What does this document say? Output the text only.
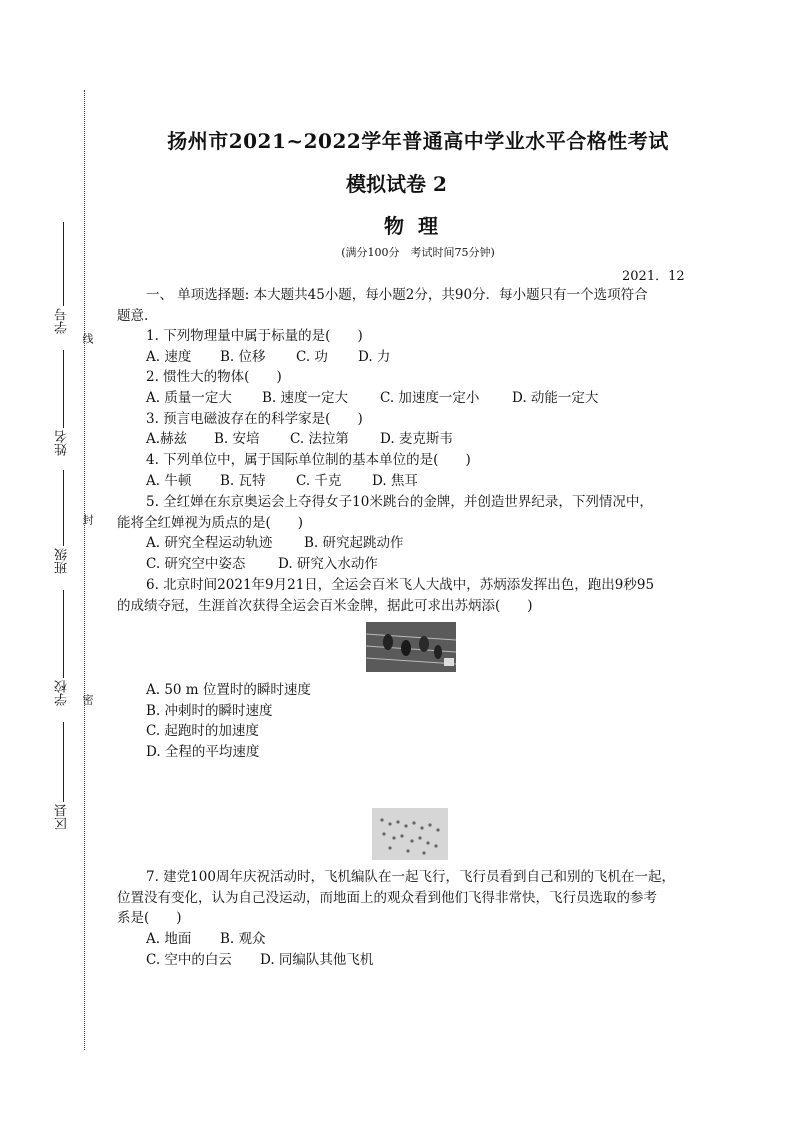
学号
姓名
班级
学校
区县
线
封
密
扬州市2021~2022学年普通高中学业水平合格性考试
模拟试卷 2
物理
(满分100分　考试时间75分钟)
2021．12
一、 单项选择题: 本大题共45小题，每小题2分，共90分．每小题只有一个选项符合
题意.
1. 下列物理量中属于标量的是(　　)
A. 速度	B. 位移	C. 功	D. 力
2. 惯性大的物体(　　)
A. 质量一定大	B. 速度一定大	C. 加速度一定小	D. 动能一定大
3. 预言电磁波存在的科学家是(　　)
A.赫兹	B. 安培	C. 法拉第	D. 麦克斯韦
4. 下列单位中，属于国际单位制的基本单位的是(　　)
A. 牛顿	B. 瓦特	C. 千克	D. 焦耳
5. 全红婵在东京奥运会上夺得女子10米跳台的金牌，并创造世界纪录，下列情况中，
能将全红婵视为质点的是(　　)
A. 研究全程运动轨迹	B. 研究起跳动作
C. 研究空中姿态	D. 研究入水动作
6. 北京时间2021年9月21日，全运会百米飞人大战中，苏炳添发挥出色，跑出9秒95
的成绩夺冠，生涯首次获得全运会百米金牌，据此可求出苏炳添(　　)
A. 50 m 位置时的瞬时速度
B. 冲刺时的瞬时速度
C. 起跑时的加速度
D. 全程的平均速度
7. 建党100周年庆祝活动时，飞机编队在一起飞行，飞行员看到自己和别的飞机在一起，
位置没有变化，认为自己没运动，而地面上的观众看到他们飞得非常快，飞行员选取的参考
系是(　　)
A. 地面	B. 观众
C. 空中的白云	D. 同编队其他飞机
